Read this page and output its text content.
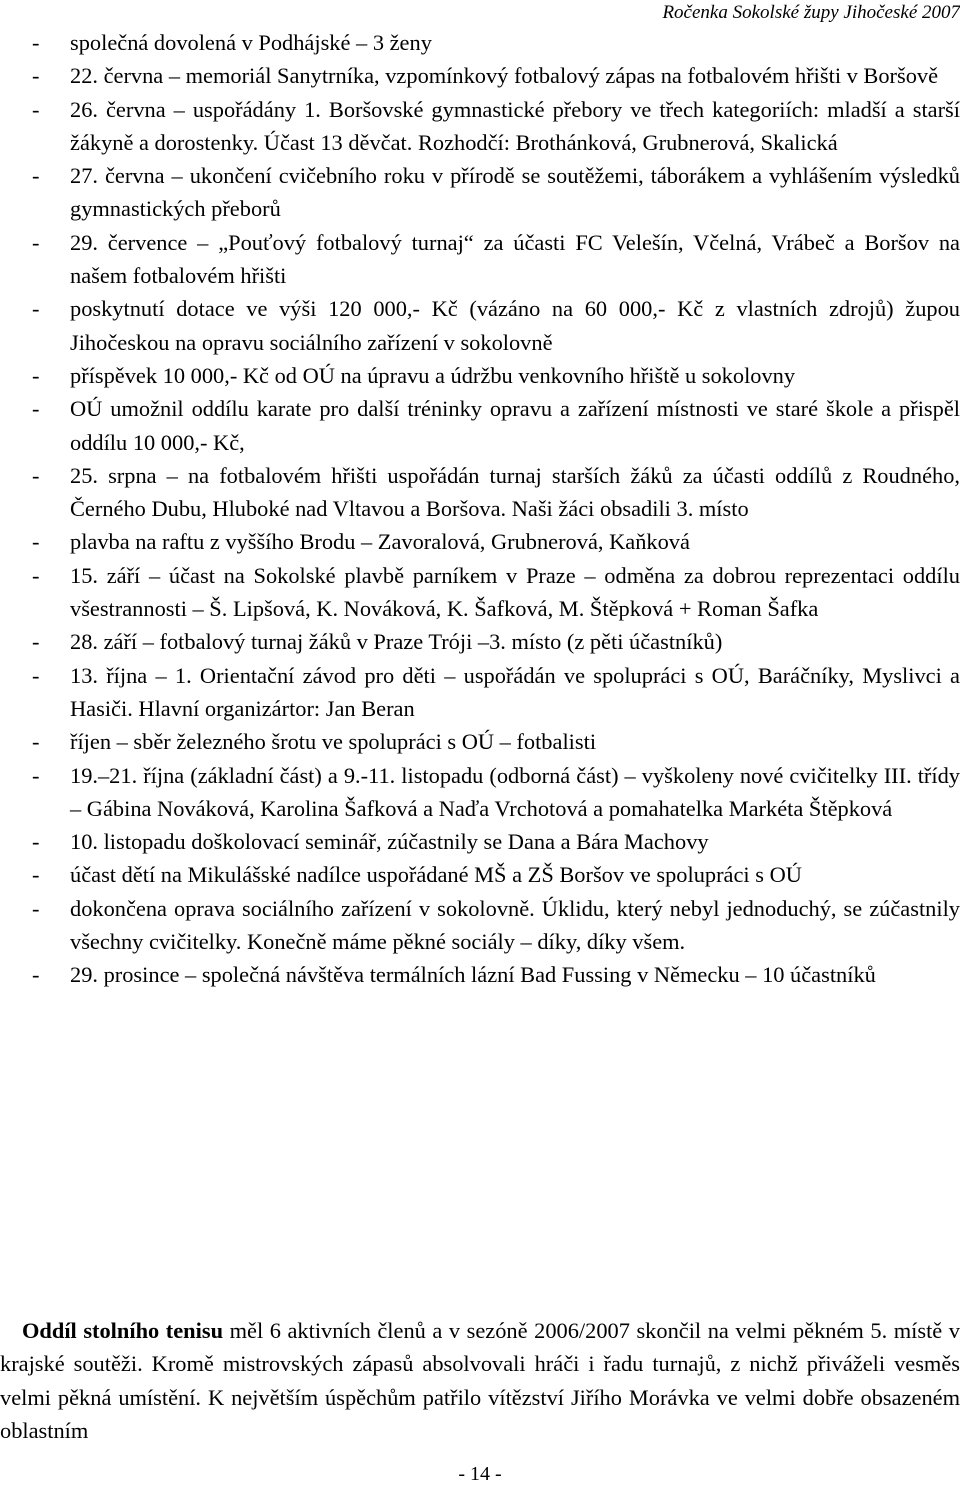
Ročenka Sokolské župy Jihočeské 2007
- společná dovolená v Podhájské – 3 ženy
- 22. června – memoriál Sanytrníka, vzpomínkový fotbalový zápas na fotbalovém hřišti v Boršově
- 26. června – uspořádány 1. Boršovské gymnastické přebory ve třech kategoriích: mladší a starší žákyně a dorostenky. Účast 13 děvčat. Rozhodčí: Brothánková, Grubnerová, Skalická
- 27. června – ukončení cvičebního roku v přírodě se soutěžemi, táborákem a vyhlášením výsledků gymnastických přeborů
- 29. července – „Pouťový fotbalový turnaj“ za účasti FC Velešín, Včelná, Vrábeč a Boršov na našem fotbalovém hřišti
- poskytnutí dotace ve výši 120 000,- Kč (vázáno na 60 000,- Kč z vlastních zdrojů) župou Jihočeskou na opravu sociálního zařízení v sokolovně
- příspěvek 10 000,- Kč od OÚ na úpravu a údržbu venkovního hřiště u sokolovny
- OÚ umožnil oddílu karate pro další tréninky opravu a zařízení místnosti ve staré škole a přispěl oddílu 10 000,- Kč,
- 25. srpna – na fotbalovém hřišti uspořádán turnaj starších žáků za účasti oddílů z Roudného, Černého Dubu, Hluboké nad Vltavou a Boršova. Naši žáci obsadili 3. místo
- plavba na raftu z vyššího Brodu – Zavoralová, Grubnerová, Kaňková
- 15. září – účast na Sokolské plavbě parníkem v Praze – odměna za dobrou reprezentaci oddílu všestrannosti – Š. Lipšová, K. Nováková, K. Šafková, M. Štěpková + Roman Šafka
- 28. září – fotbalový turnaj žáků v Praze Tróji –3. místo (z pěti účastníků)
- 13. října – 1. Orientační závod pro děti – uspořádán ve spolupráci s OÚ, Baráčníky, Myslivci a Hasiči. Hlavní organizártor: Jan Beran
- říjen – sběr železného šrotu ve spolupráci s OÚ – fotbalisti
- 19.–21. října (základní část) a 9.-11. listopadu (odborná část) – vyškoleny nové cvičitelky III. třídy – Gábina Nováková, Karolina Šafková a Naďa Vrchotová a pomahatelka Markéta Štěpková
- 10. listopadu doškolovací seminář, zúčastnily se Dana a Bára Machovy
- účast dětí na Mikulášské nadílce uspořádané MŠ a ZŠ Boršov ve spolupráci s OÚ
- dokončena oprava sociálního zařízení v sokolovně. Úklidu, který nebyl jednoduchý, se zúčastnily všechny cvičitelky. Konečně máme pěkné sociály – díky, díky všem.
- 29. prosince – společná návštěva termálních lázní Bad Fussing v Německu – 10 účastníků

Oddíl stolního tenisu měl 6 aktivních členů a v sezóně 2006/2007 skončil na velmi pěkném 5. místě v krajské soutěži. Kromě mistrovských zápasů absolvovali hráči i řadu turnajů, z nichž přiváželi vesměs velmi pěkná umístění. K největším úspěchům patřilo vítězství Jiřího Morávka ve velmi dobře obsazeném oblastním

- 14 -
